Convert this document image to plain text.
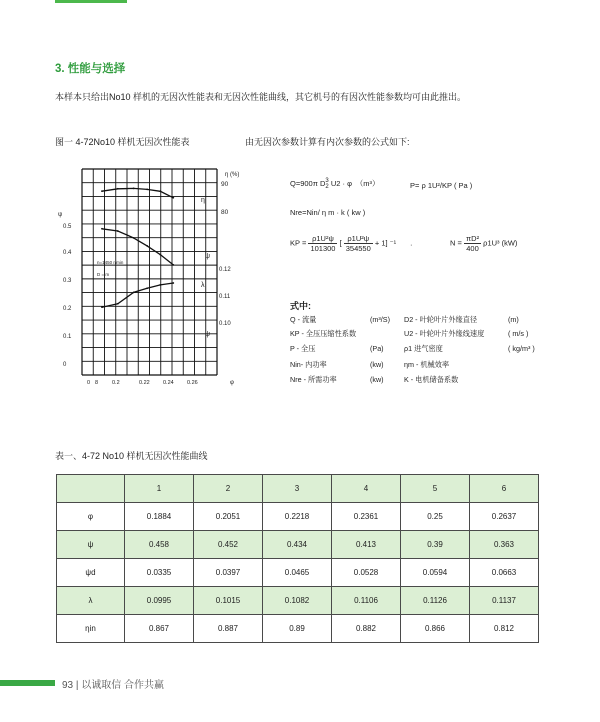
3. 性能与选择
本样本只给出No10 样机的无因次性能表和无因次性能曲线，其它机号的有因次性能参数均可由此推出。
图一 4-72No10 样机无因次性能表	由无因次参数计算有内次参数的公式如下:
ψ
0
0.1
0.2
0.3
0.4
0.5
η (%)
90
80
0.12
0.11
0.10
0 8	0.2	0.22 0.24 0.26	φ
n=1450 r/min
D = m
η
ψ
λ
ψ
Q=900π D 3
2 U2 · φ　（m³）	P= ρ 1U²/KP ( Pa )
Nre=Nin/ η m · k ( kw )
KP = $\frac{\text{ρ1U²ψ}}{101300}$ [ $\frac{\text{ρ1U²ψ}}{354550} + 1$] ⁻¹ ·	$N = \frac{\text{πD²}}{400} \rho 1U^3$ (kW)
式中:
Q - 流量	(m³/S) D2 - 叶轮叶片外缘直径	(m)
KP - 全压压缩性系数	U2 - 叶轮叶片外缘线速度	( m/s )
P - 全压	(Pa)	ρ1 进气密度	( kg/m³ )
Nin- 内功率	(kw)	ηm - 机械效率
Nre - 所需功率	(kw)	K - 电机储备系数
表一、4-72 No10 样机无因次性能曲线
	1	2	3	4	5	6
φ	0.1884	0.2051	0.2218	0.2361	0.25	0.2637
ψ	0.458	0.452	0.434	0.413	0.39	0.363
ψd	0.0335	0.0397	0.0465	0.0528	0.0594	0.0663
λ	0.0995	0.1015	0.1082	0.1106	0.1126	0.1137
ηin	0.867	0.887	0.89	0.882	0.866	0.812
93 | 以诚取信 合作共赢
